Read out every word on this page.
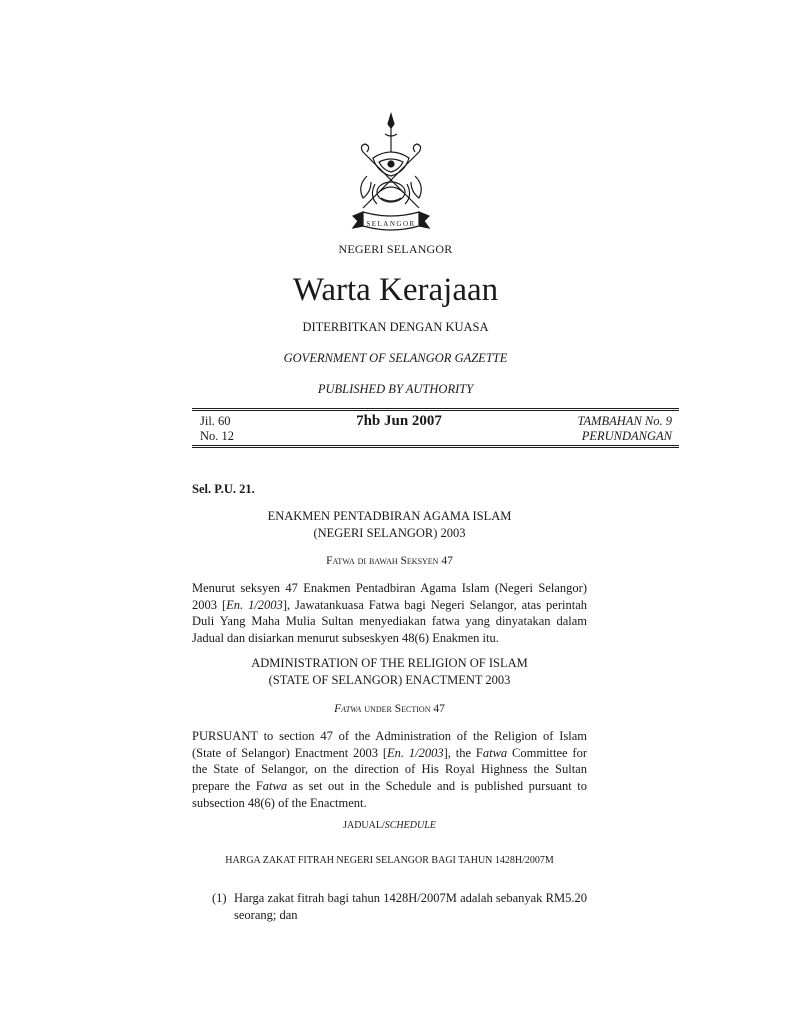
SELANGOR
NEGERI SELANGOR
Warta Kerajaan
DITERBITKAN DENGAN KUASA
GOVERNMENT OF SELANGOR GAZETTE
PUBLISHED BY AUTHORITY
Jil. 60
No. 12
7hb Jun 2007	TAMBAHAN No. 9
PERUNDANGAN
Sel. P.U. 21.
ENAKMEN PENTADBIRAN AGAMA ISLAM
(NEGERI SELANGOR) 2003
Fatwa di bawah Seksyen 47
Menurut seksyen 47 Enakmen Pentadbiran Agama Islam (Negeri Selangor) 2003 [En. 1/2003], Jawatankuasa Fatwa bagi Negeri Selangor, atas perintah Duli Yang Maha Mulia Sultan menyediakan fatwa yang dinyatakan dalam Jadual dan disiarkan menurut subseskyen 48(6) Enakmen itu.
ADMINISTRATION OF THE RELIGION OF ISLAM
(STATE OF SELANGOR) ENACTMENT 2003
Fatwa under Section 47
PURSUANT to section 47 of the Administration of the Religion of Islam (State of Selangor) Enactment 2003 [En. 1/2003], the Fatwa Committee for the State of Selangor, on the direction of His Royal Highness the Sultan prepare the Fatwa as set out in the Schedule and is published pursuant to subsection 48(6) of the Enactment.
JADUAL/SCHEDULE
HARGA ZAKAT FITRAH NEGERI SELANGOR BAGI TAHUN 1428H/2007M
(1) Harga zakat fitrah bagi tahun 1428H/2007M adalah sebanyak RM5.20 seorang; dan
